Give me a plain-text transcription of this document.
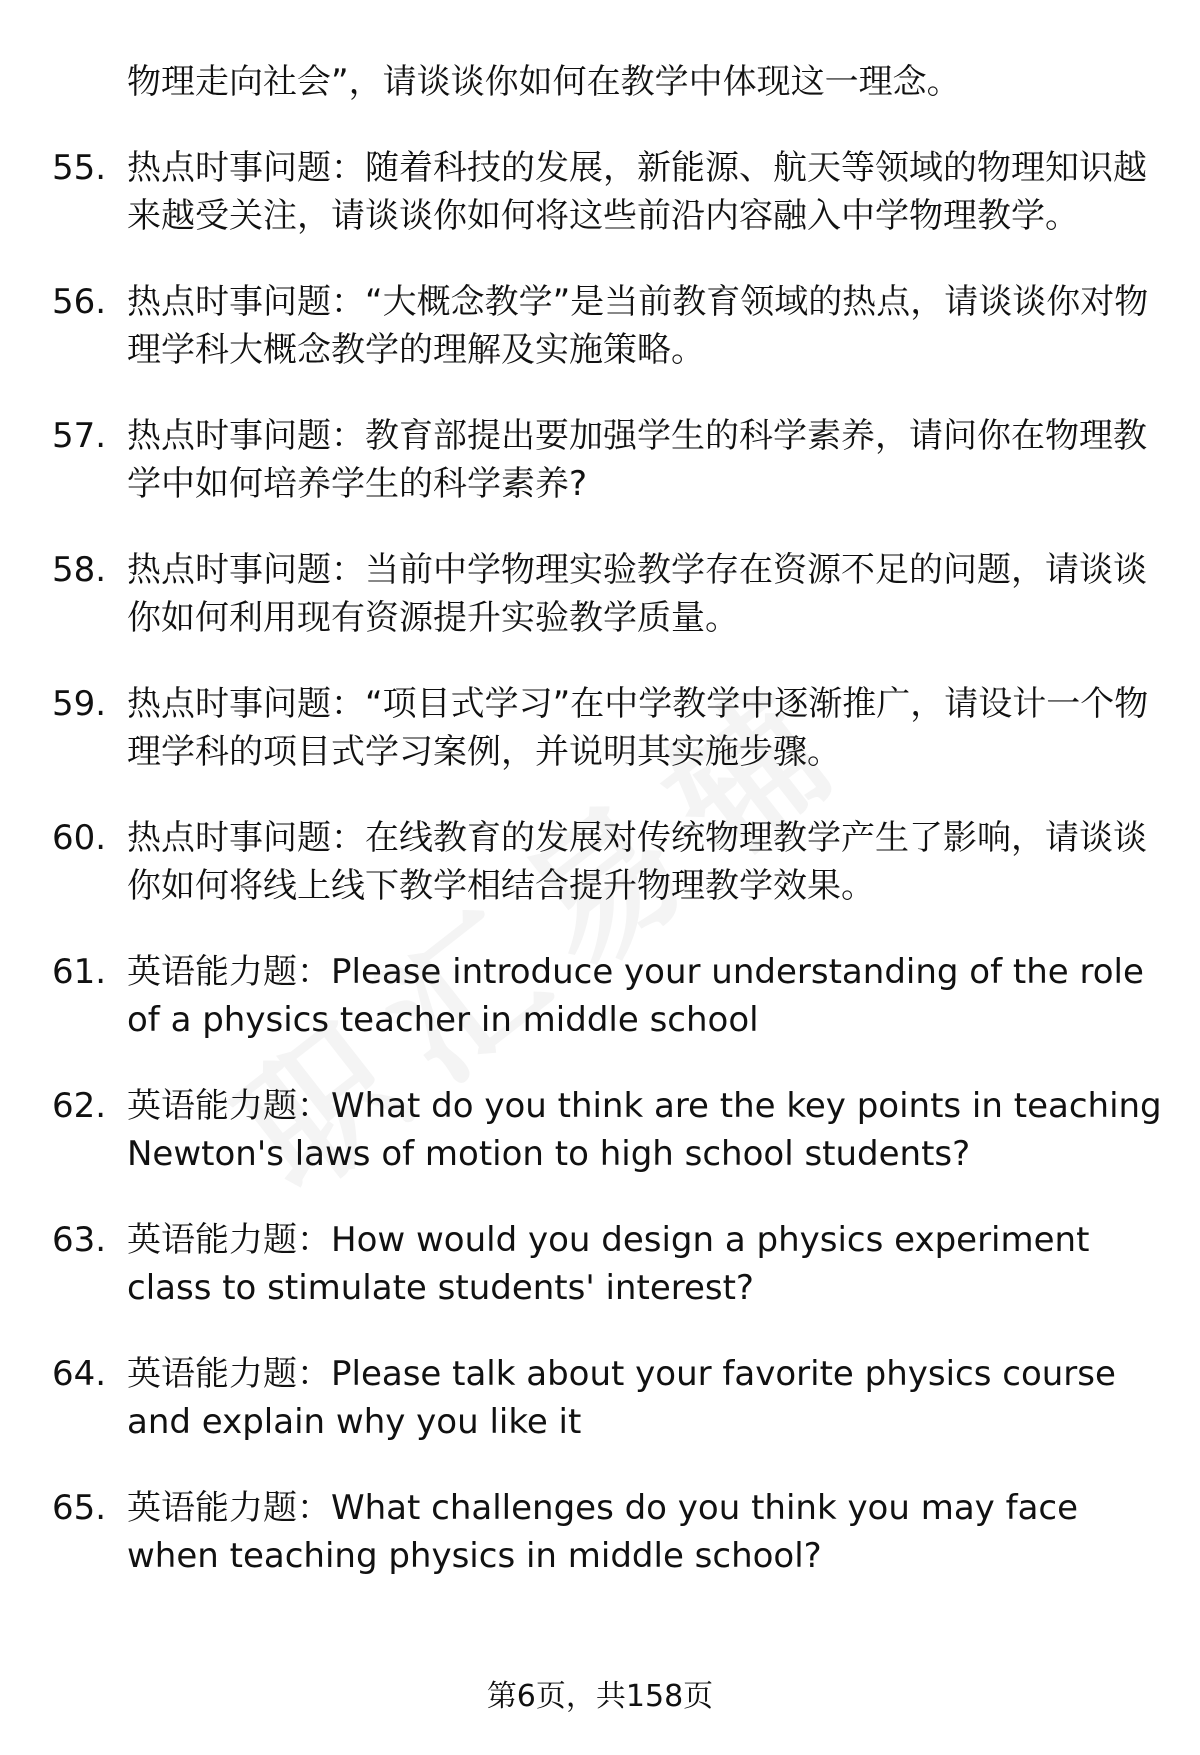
物理走向社会”，请谈谈你如何在教学中体现这一理念。
55. 热点时事问题：随着科技的发展，新能源、航天等领域的物理知识越来越受关注，请谈谈你如何将这些前沿内容融入中学物理教学。
56. 热点时事问题：“大概念教学”是当前教育领域的热点，请谈谈你对物理学科大概念教学的理解及实施策略。
57. 热点时事问题：教育部提出要加强学生的科学素养，请问你在物理教学中如何培养学生的科学素养?
58. 热点时事问题：当前中学物理实验教学存在资源不足的问题，请谈谈你如何利用现有资源提升实验教学质量。
59. 热点时事问题：“项目式学习”在中学教学中逐渐推广，请设计一个物理学科的项目式学习案例，并说明其实施步骤。
60. 热点时事问题：在线教育的发展对传统物理教学产生了影响，请谈谈你如何将线上线下教学相结合提升物理教学效果。
61. 英语能力题：Please introduce your understanding of the role of a physics teacher in middle school
62. 英语能力题：What do you think are the key points in teaching Newton's laws of motion to high school students?
63. 英语能力题：How would you design a physics experiment class to stimulate students' interest?
64. 英语能力题：Please talk about your favorite physics course and explain why you like it
65. 英语能力题：What challenges do you think you may face when teaching physics in middle school?
第6页，共158页
